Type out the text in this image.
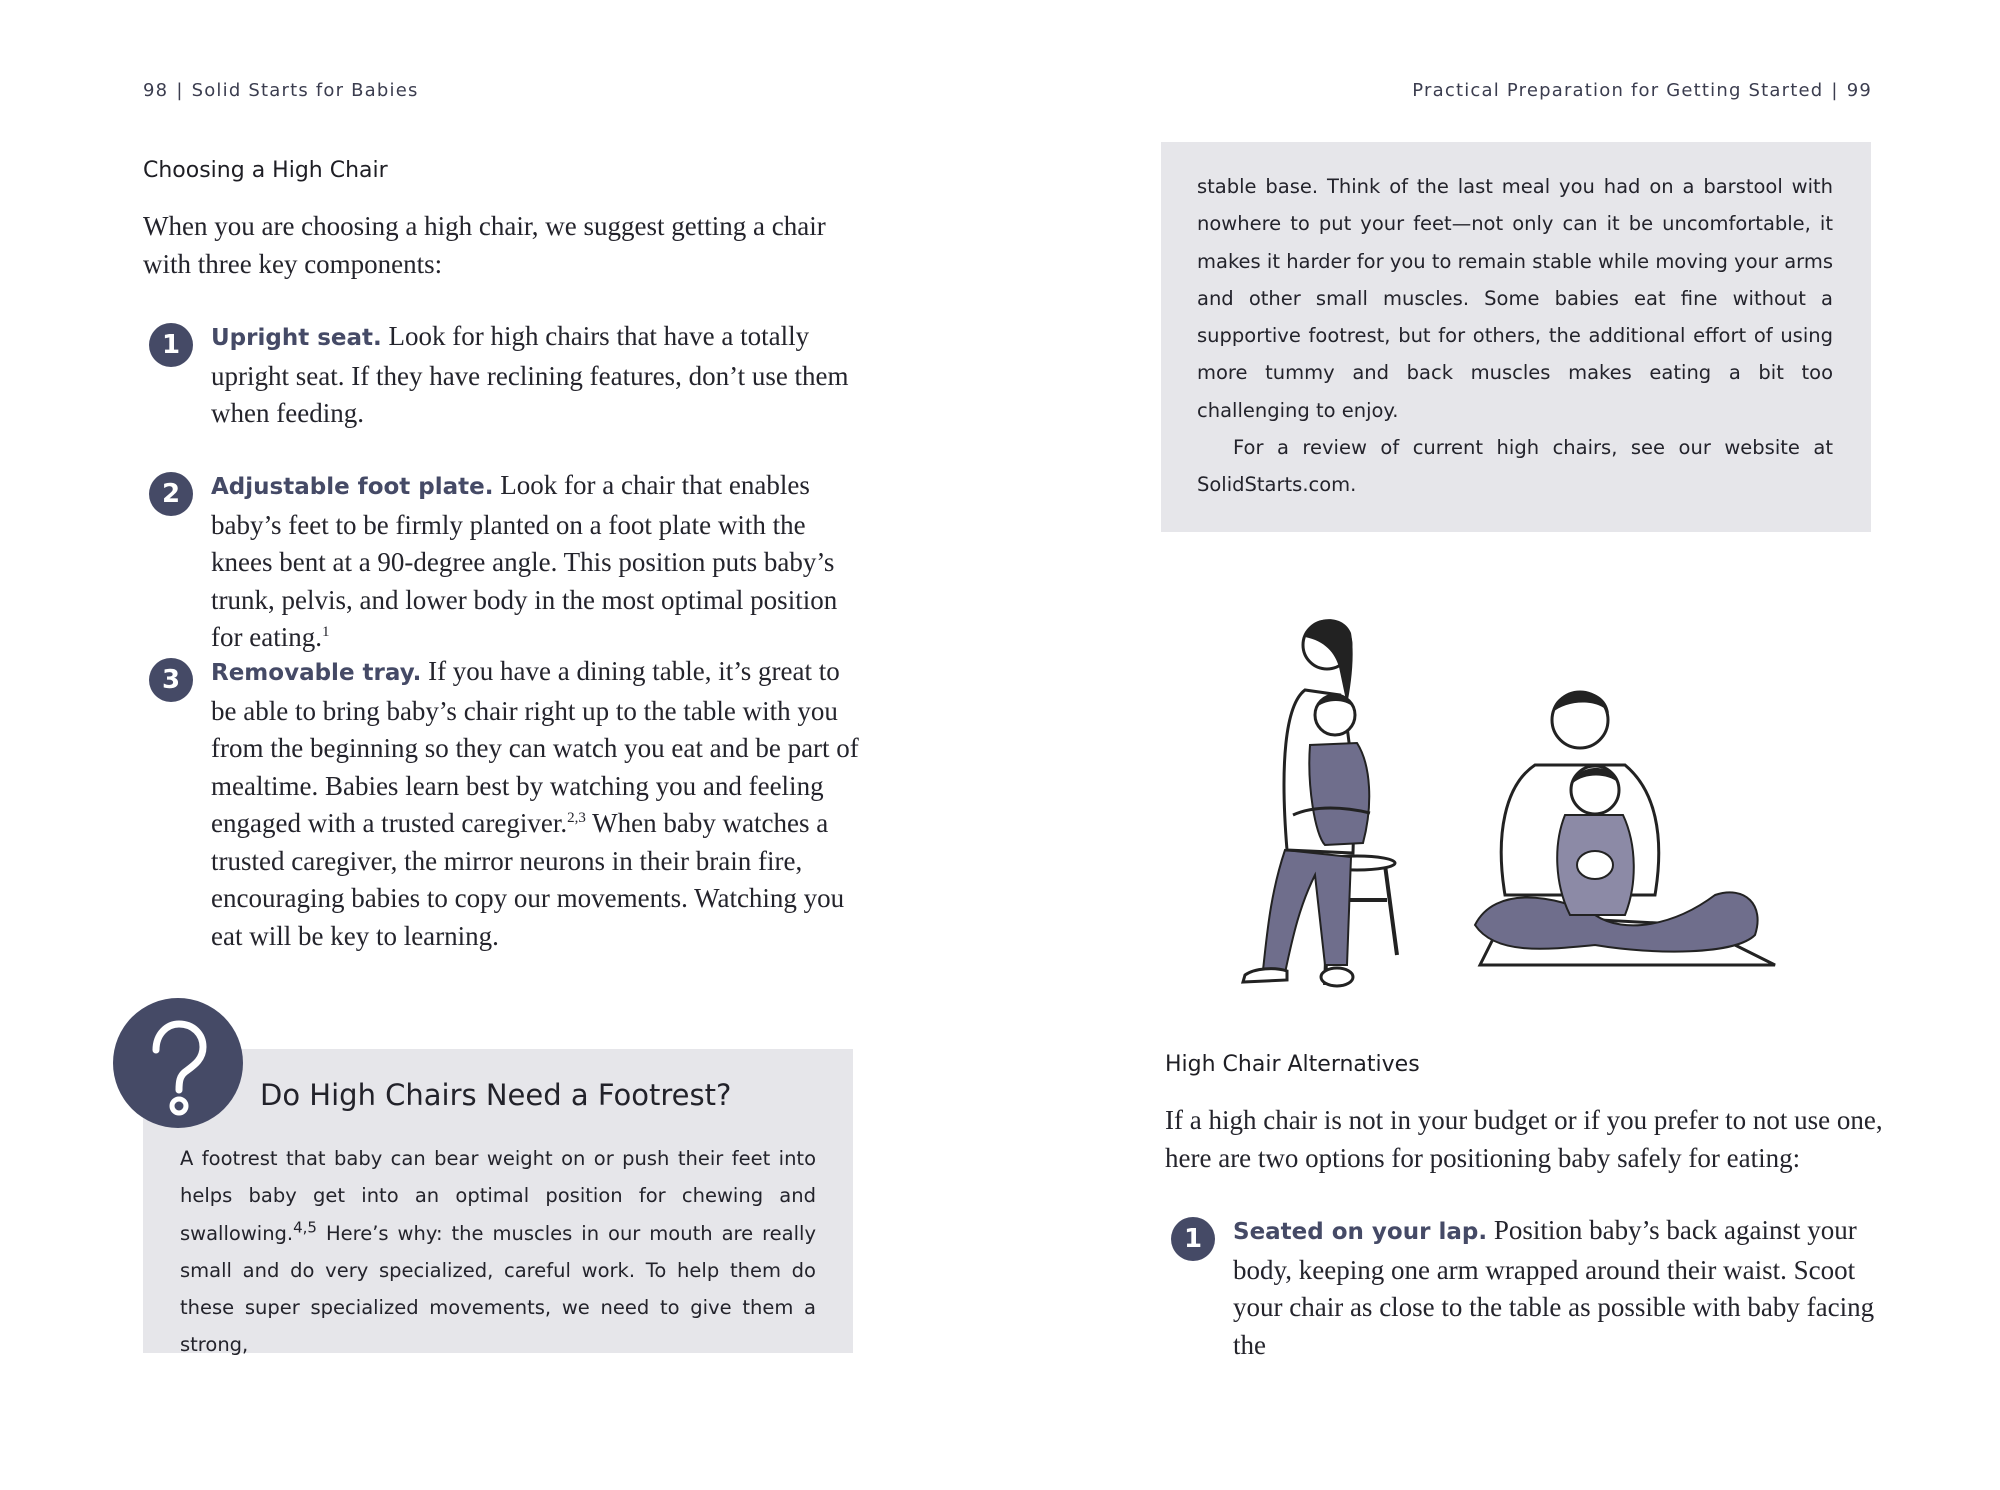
98 | Solid Starts for Babies	Practical Preparation for Getting Started | 99
Choosing a High Chair
When you are choosing a high chair, we suggest getting a chair with three key components:
1	Upright seat. Look for high chairs that have a totally upright seat. If they have reclining features, don’t use them when feeding.
2	Adjustable foot plate. Look for a chair that enables baby’s feet to be firmly planted on a foot plate with the knees bent at a 90-degree angle. This position puts baby’s trunk, pelvis, and lower body in the most optimal position for eating.$^1$
3	Removable tray. If you have a dining table, it’s great to be able to bring baby’s chair right up to the table with you from the beginning so they can watch you eat and be part of mealtime. Babies learn best by watching you and feeling engaged with a trusted caregiver.$^{2,3}$ When baby watches a trusted caregiver, the mirror neurons in their brain fire, encouraging babies to copy our movements. Watching you eat will be key to learning.
Do High Chairs Need a Footrest?
A footrest that baby can bear weight on or push their feet into helps baby get into an optimal position for chewing and swallowing.$^{4,5}$ Here’s why: the muscles in our mouth are really small and do very specialized, careful work. To help them do these super specialized movements, we need to give them a strong,

stable base. Think of the last meal you had on a barstool with nowhere to put your feet—not only can it be uncomfortable, it makes it harder for you to remain stable while moving your arms and other small muscles. Some babies eat fine without a supportive footrest, but for others, the additional effort of using more tummy and back muscles makes eating a bit too challenging to enjoy.

For a review of current high chairs, see our website at SolidStarts.com.

High Chair Alternatives
If a high chair is not in your budget or if you prefer to not use one, here are two options for positioning baby safely for eating:
1	Seated on your lap. Position baby’s back against your body, keeping one arm wrapped around their waist. Scoot your chair as close to the table as possible with baby facing the
